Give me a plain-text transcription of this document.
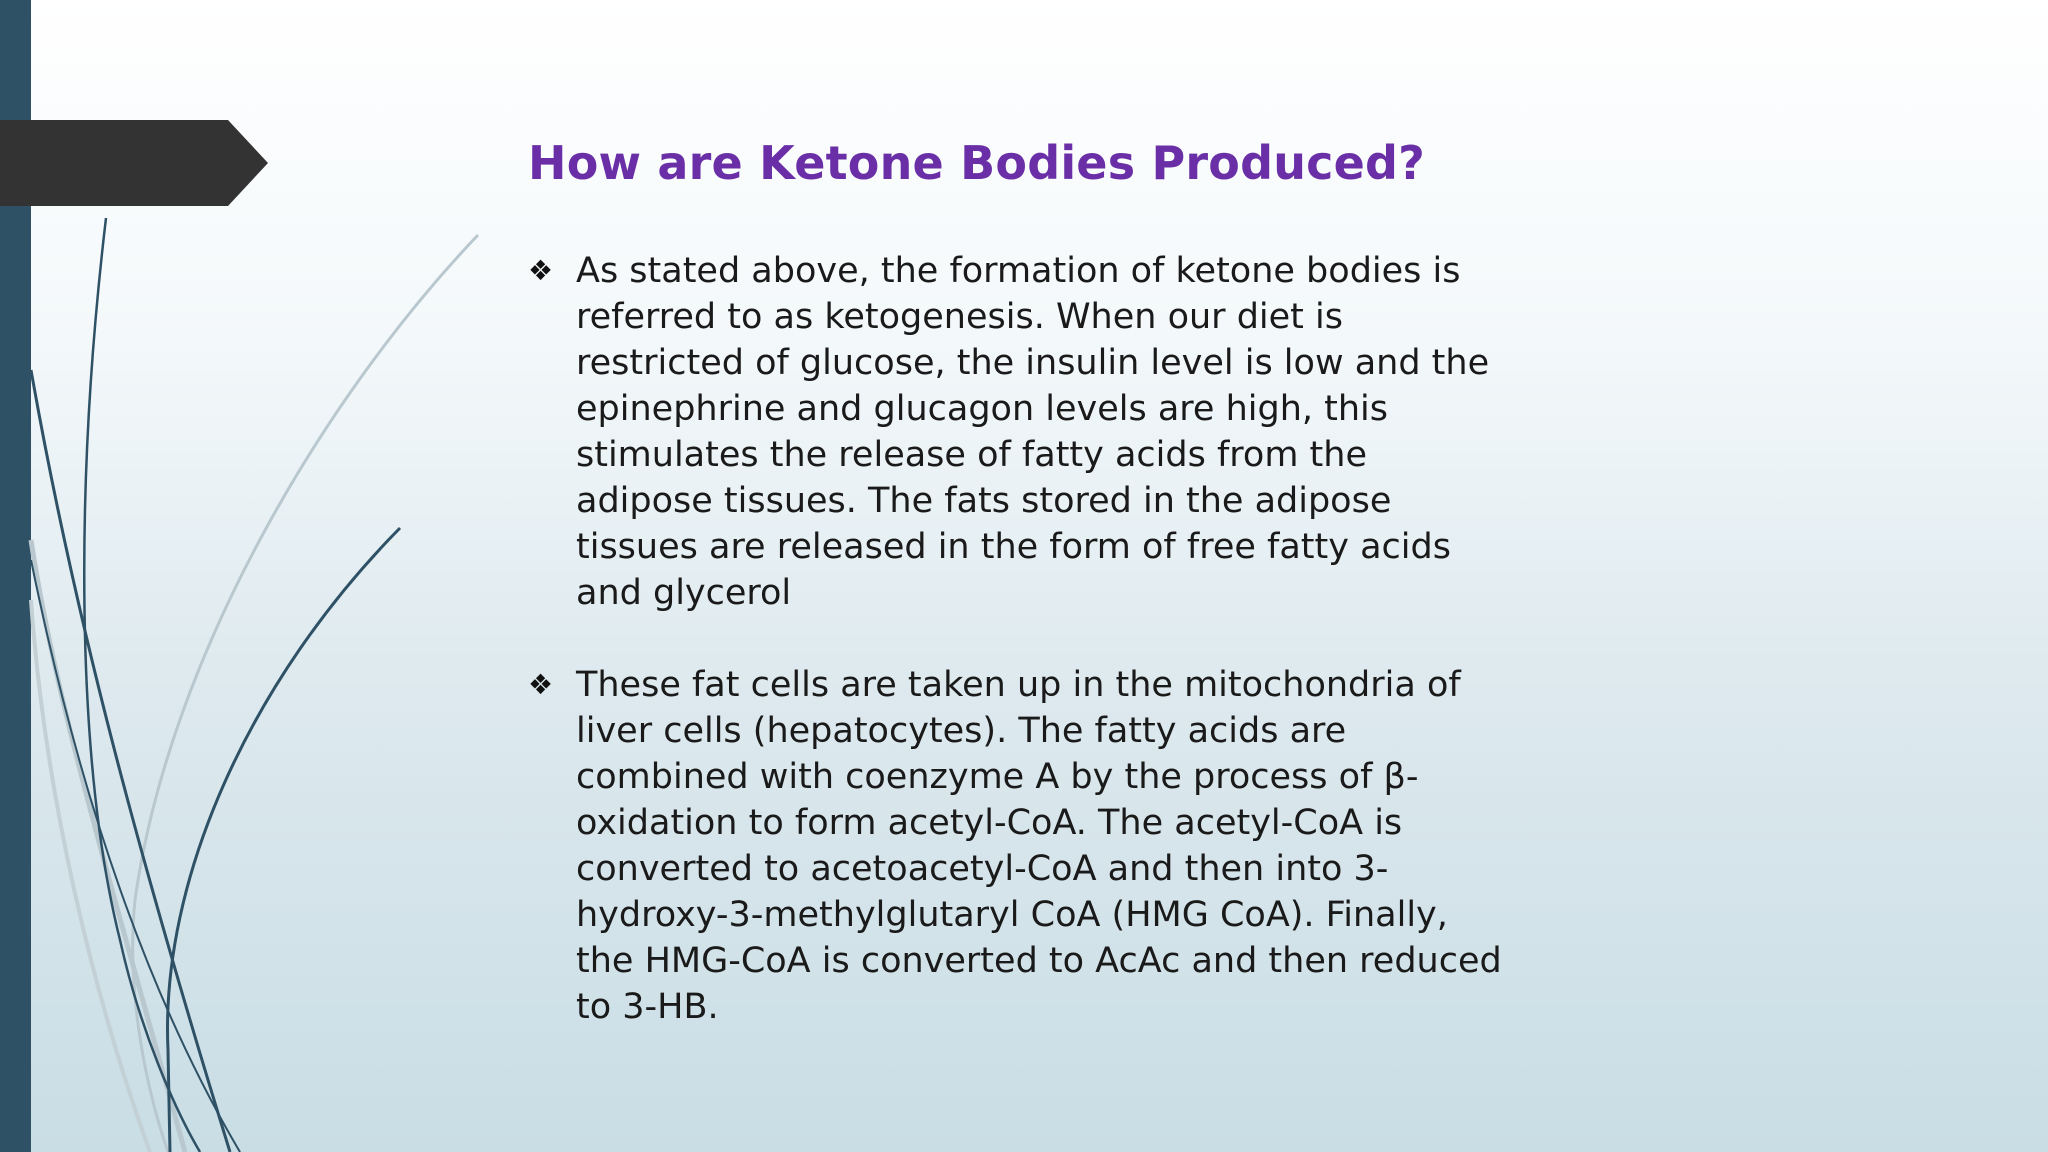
How are Ketone Bodies Produced?
❖ As stated above, the formation of ketone bodies is referred to as ketogenesis. When our diet is restricted of glucose, the insulin level is low and the epinephrine and glucagon levels are high, this stimulates the release of fatty acids from the adipose tissues. The fats stored in the adipose tissues are released in the form of free fatty acids and glycerol
❖ These fat cells are taken up in the mitochondria of liver cells (hepatocytes). The fatty acids are combined with coenzyme A by the process of β-oxidation to form acetyl-CoA. The acetyl-CoA is converted to acetoacetyl-CoA and then into 3-hydroxy-3-methylglutaryl CoA (HMG CoA). Finally, the HMG-CoA is converted to AcAc and then reduced to 3-HB.
